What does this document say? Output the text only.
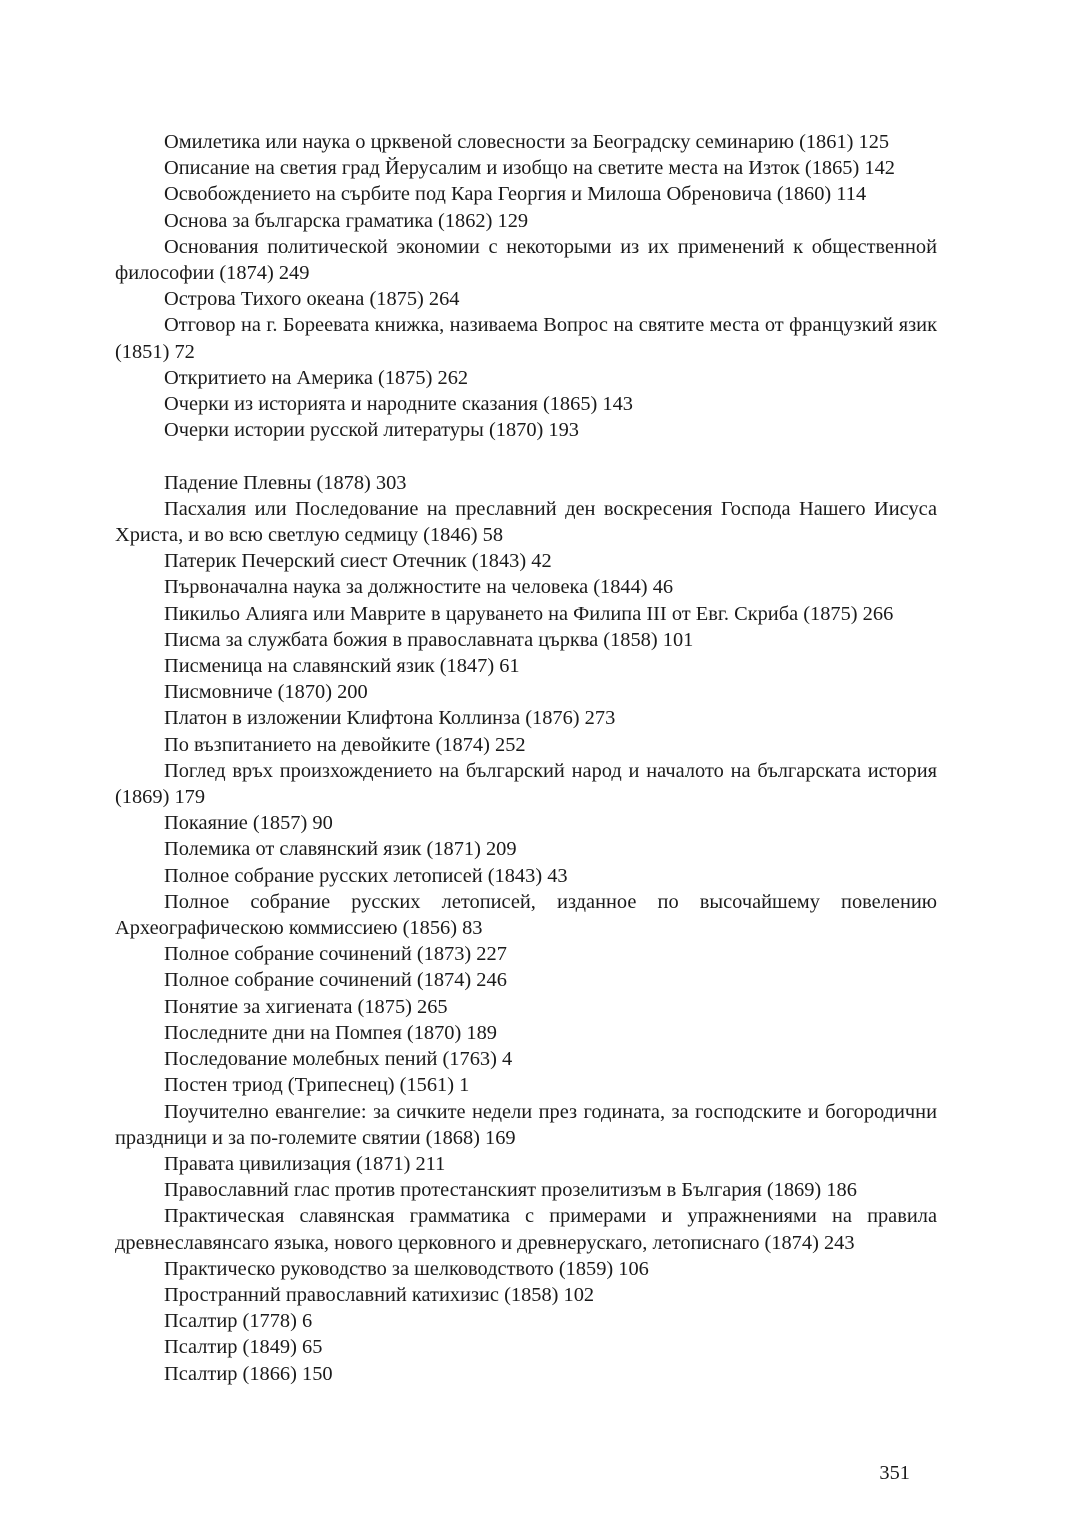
Омилетика или наука о црквеной словесности за Београдску семинарию (1861) 125
Описание на светия град Йерусалим и изобщо на светите места на Изток (1865) 142
Освобождението на сърбите под Кара Георгия и Милоша Обреновича (1860) 114
Основа за българска граматика (1862) 129
Основания политической экономии с некоторыми из их применений к общественной философии (1874) 249
Острова Тихого океана (1875) 264
Отговор на г. Бореевата книжка, нaзиваема Вопрос на святите места от французкий язик (1851) 72
Откритието на Америка (1875) 262
Очерки из историята и народните сказания (1865) 143
Очерки истории русской литературы (1870) 193
Падение Плевны (1878) 303
Пасхалия или Последование на преславний ден воскресения Господа Нашего Иисуса Христа, и во всю светлую седмицу (1846) 58
Патерик Печерский сиест Отечник (1843) 42
Първоначална наука за должностите на человека (1844) 46
Пикильо Алияга или Маврите в царуването на Филипа III от Евг. Скриба (1875) 266
Писма за службата божия в православната църква (1858) 101
Писменица на славянский язик (1847) 61
Писмовниче (1870) 200
Платон в изложении Клифтона Коллинза (1876) 273
По възпитанието на девойките (1874) 252
Поглед връх произхождението на българский народ и началото на българската история (1869) 179
Покаяние (1857) 90
Полемика от славянский язик (1871) 209
Полное собрание русских летописей (1843) 43
Полное собрание русских летописей, изданное по высочайшему повелению Археографическою коммиссиею (1856) 83
Полное собрание сочинений (1873) 227
Полное собрание сочинений (1874) 246
Понятие за хигиената (1875) 265
Последните дни на Помпея (1870) 189
Последование молебных пений (1763) 4
Постен триод (Трипеснец) (1561) 1
Поучително евангелие: за сичките недели през годината, за господските и богородични праздници и за по-големите святии (1868) 169
Правата цивилизация (1871) 211
Православний глас против протестанският прозелитизъм в България (1869) 186
Практическая славянская грамматика с примерами и упражнениями на правила древнеславянсаго языка, нового церковного и древнерускаго, летописнаго (1874) 243
Практическо руководство за шелководството (1859) 106
Пространний православний катихизис (1858) 102
Псалтир (1778) 6
Псалтир (1849) 65
Псалтир (1866) 150
351
